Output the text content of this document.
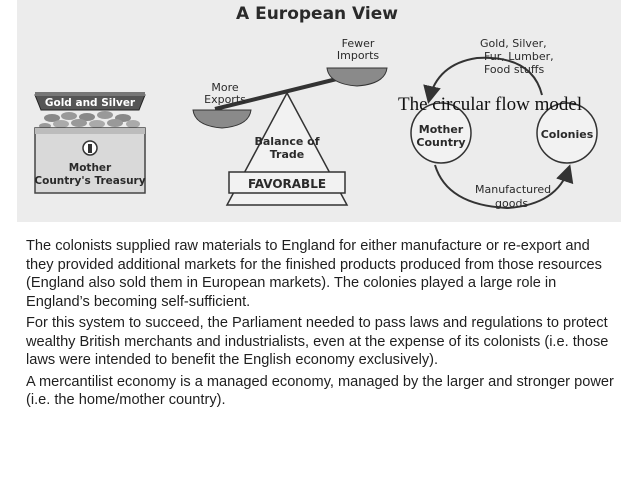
A European View
Gold and Silver
Mother
Country's Treasury
Fewer
Imports
More
Exports
Balance of
Trade
FAVORABLE
Mother
Country
Colonies
Gold, Silver,
Fur, Lumber,
Food stuffs
Manufactured
goods
The circular flow model

The colonists supplied raw materials to England for either manufacture or re-export and they provided additional markets for the finished products produced from those resources (England also sold them in European markets). The colonies played a large role in England’s becoming self-sufficient.

For this system to succeed, the Parliament needed to pass laws and regulations to protect wealthy British merchants and industrialists, even at the expense of its colonists (i.e. those laws were intended to benefit the English economy exclusively).

A mercantilist economy is a managed economy, managed by the larger and stronger power (i.e. the home/mother country).
